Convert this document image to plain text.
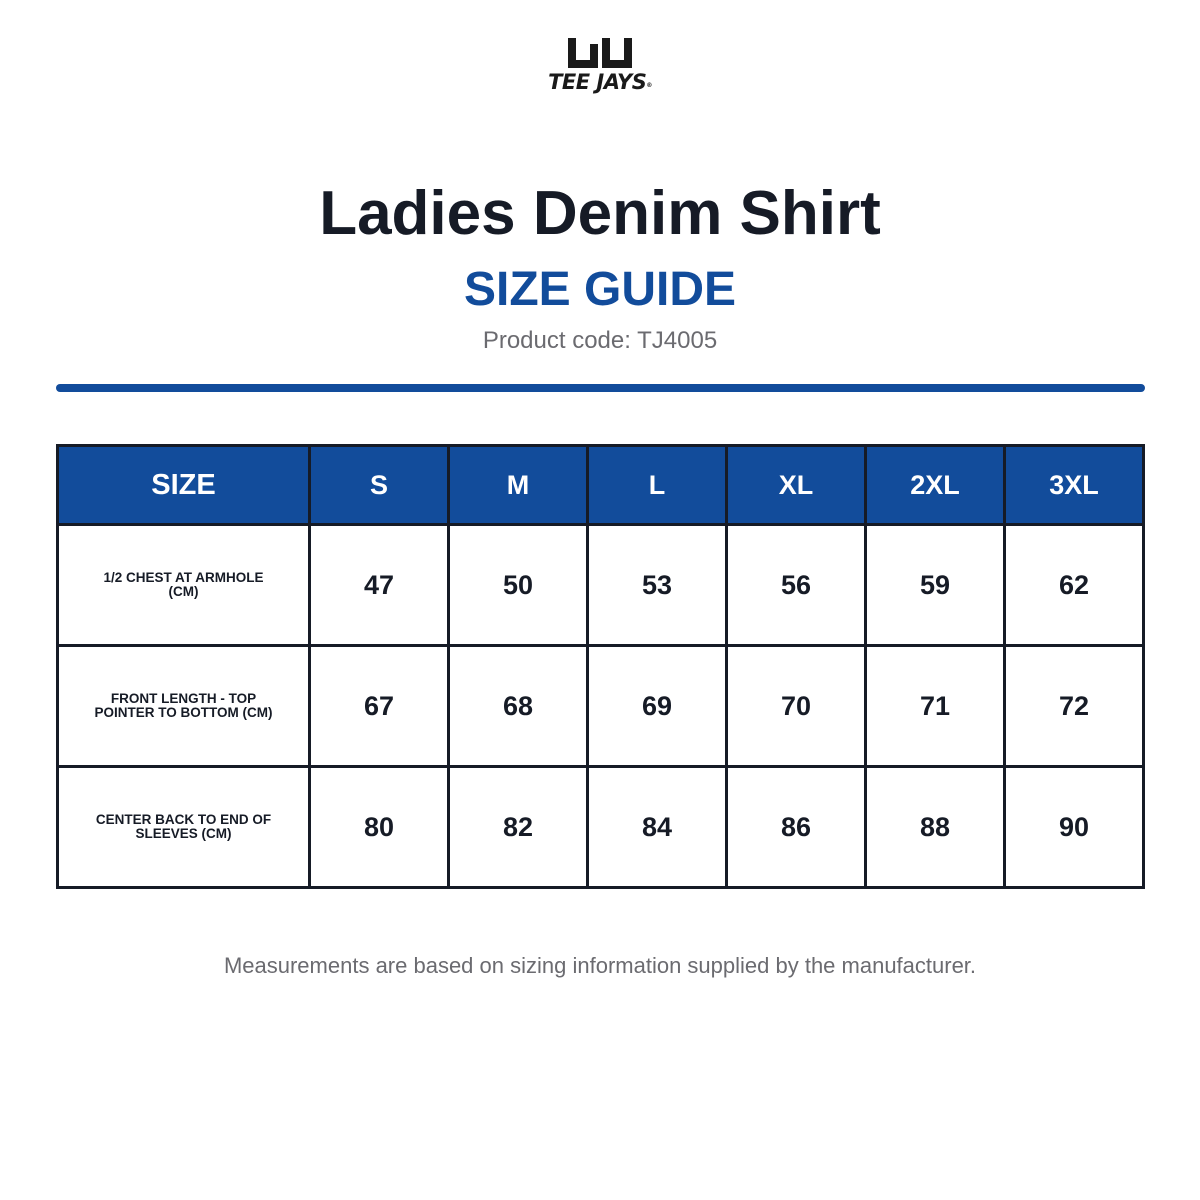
TEE JAYS®
Ladies Denim Shirt
SIZE GUIDE
Product code: TJ4005
SIZE	S	M	L	XL	2XL	3XL
1/2 CHEST AT ARMHOLE (CM)	47	50	53	56	59	62
FRONT LENGTH - TOP POINTER TO BOTTOM (CM)	67	68	69	70	71	72
CENTER BACK TO END OF SLEEVES (CM)	80	82	84	86	88	90
Measurements are based on sizing information supplied by the manufacturer.
